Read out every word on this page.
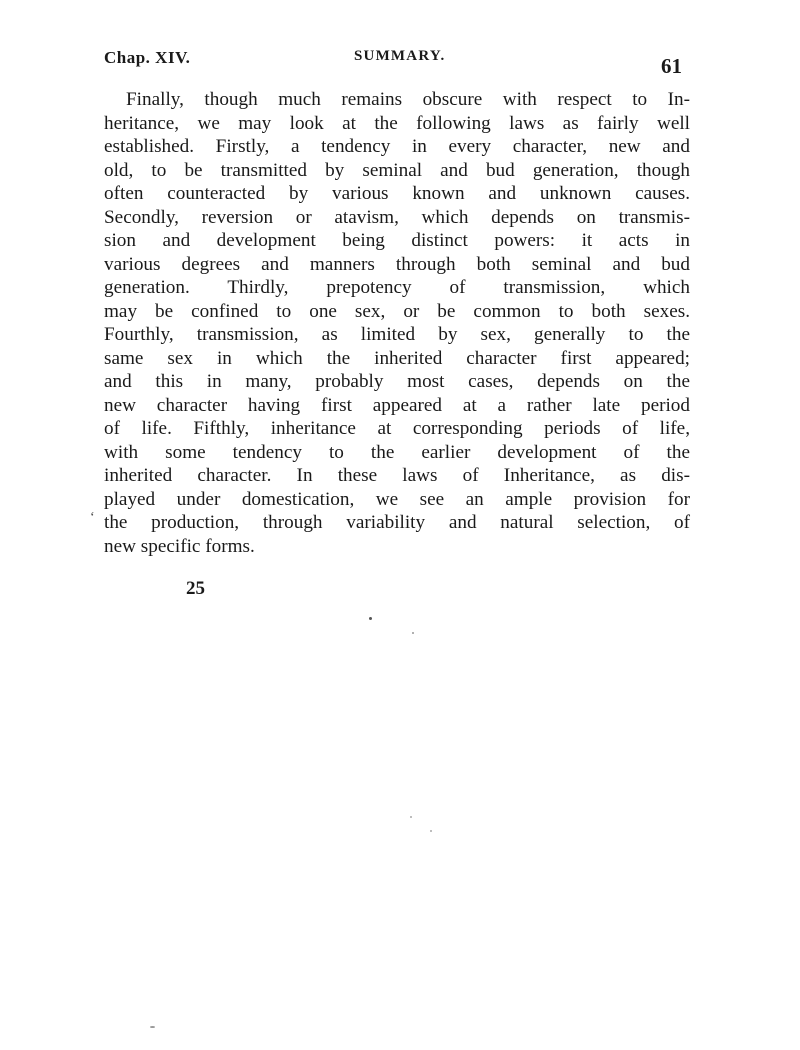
Chap. XIV.	SUMMARY.	61
Finally, though much remains obscure with respect to In-
heritance, we may look at the following laws as fairly well
established. Firstly, a tendency in every character, new and
old, to be transmitted by seminal and bud generation, though
often counteracted by various known and unknown causes.
Secondly, reversion or atavism, which depends on transmis-
sion and development being distinct powers: it acts in
various degrees and manners through both seminal and bud
generation. Thirdly, prepotency of transmission, which
may be confined to one sex, or be common to both sexes.
Fourthly, transmission, as limited by sex, generally to the
same sex in which the inherited character first appeared;
and this in many, probably most cases, depends on the
new character having first appeared at a rather late period
of life. Fifthly, inheritance at corresponding periods of life,
with some tendency to the earlier development of the
inherited character. In these laws of Inheritance, as dis-
played under domestication, we see an ample provision for
the production, through variability and natural selection, of
new specific forms.
ʻ
25
